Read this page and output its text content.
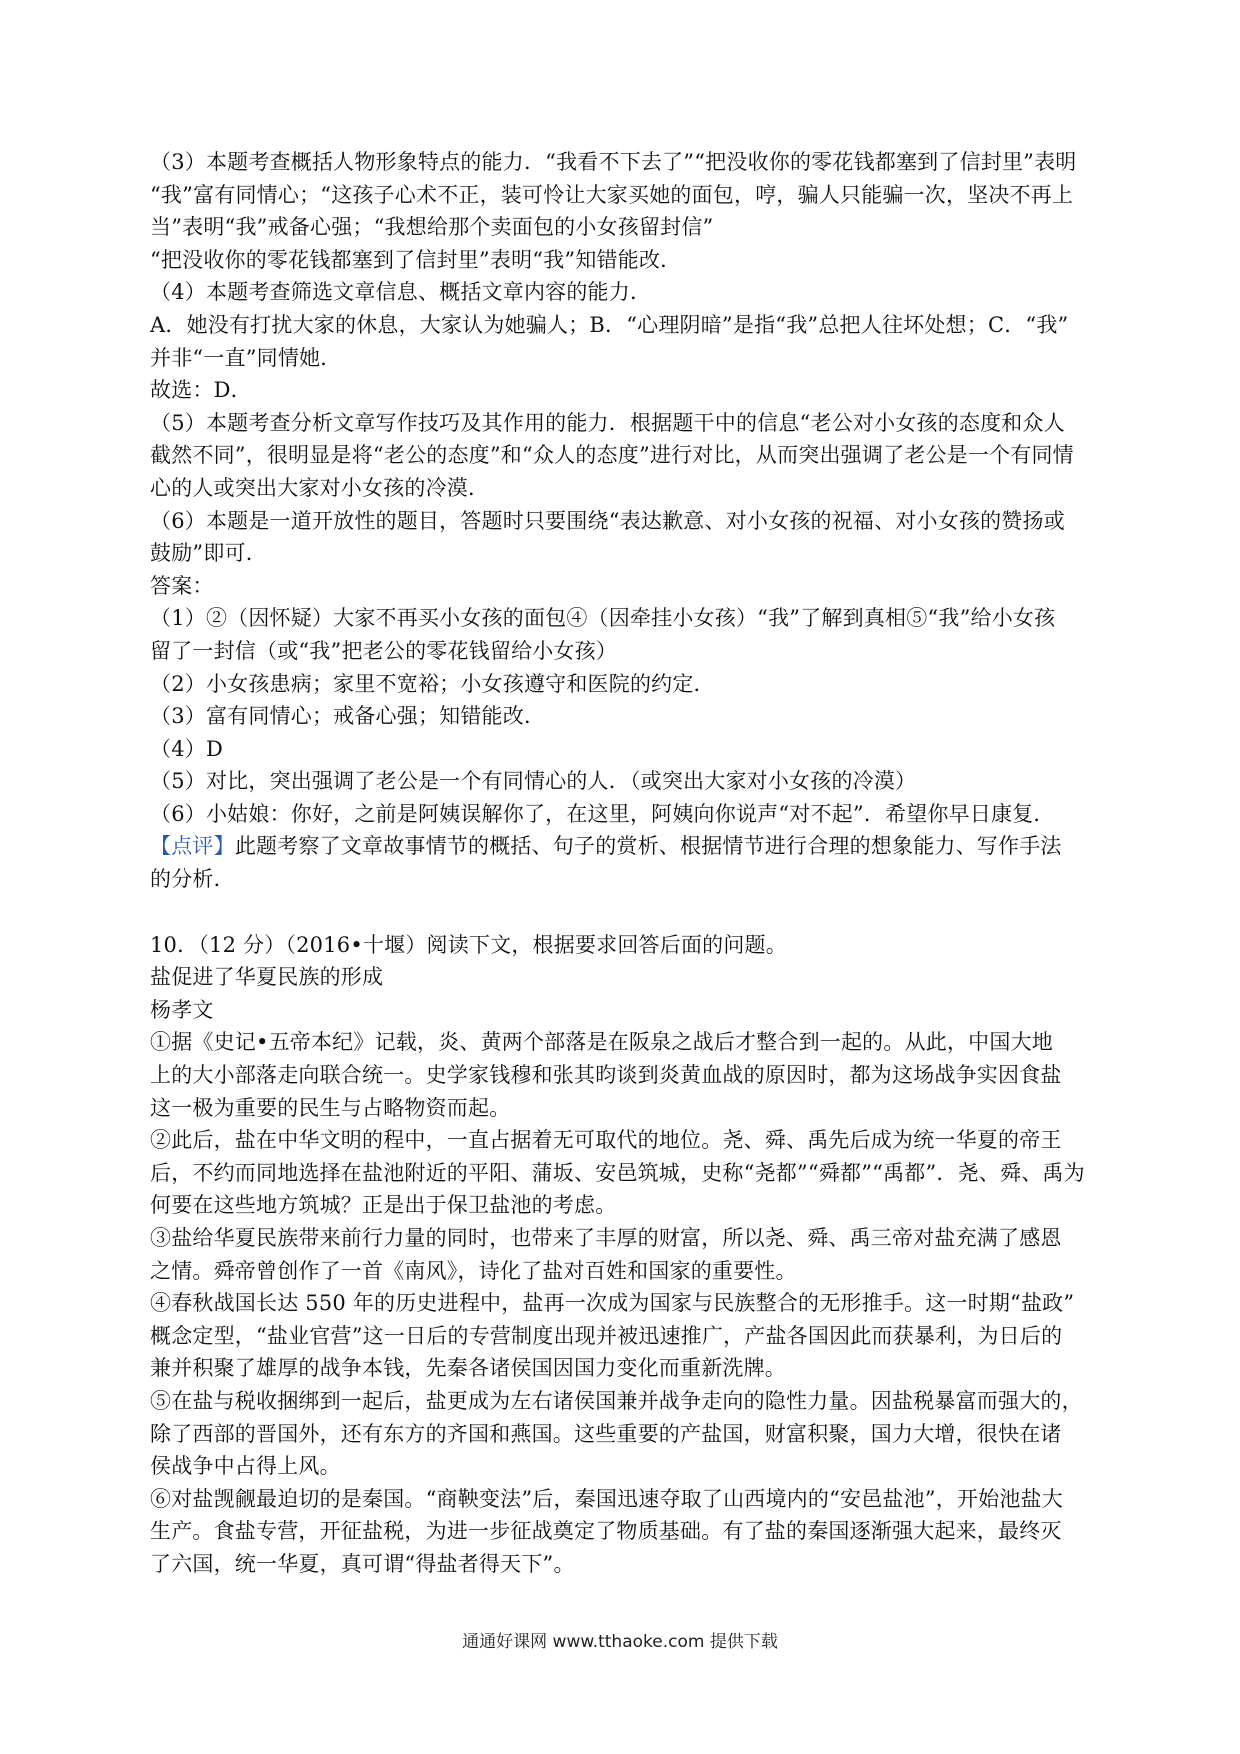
（3）本题考查概括人物形象特点的能力．“我看不下去了”“把没收你的零花钱都塞到了信封里”表明
“我”富有同情心；“这孩子心术不正，装可怜让大家买她的面包，哼，骗人只能骗一次，坚决不再上
当”表明“我”戒备心强；“我想给那个卖面包的小女孩留封信”
“把没收你的零花钱都塞到了信封里”表明“我”知错能改．
（4）本题考查筛选文章信息、概括文章内容的能力．
A．她没有打扰大家的休息，大家认为她骗人；B．“心理阴暗”是指“我”总把人往坏处想；C．“我”
并非“一直”同情她．
故选：D．
（5）本题考查分析文章写作技巧及其作用的能力．根据题干中的信息“老公对小女孩的态度和众人
截然不同”，很明显是将“老公的态度”和“众人的态度”进行对比，从而突出强调了老公是一个有同情
心的人或突出大家对小女孩的冷漠．
（6）本题是一道开放性的题目，答题时只要围绕“表达歉意、对小女孩的祝福、对小女孩的赞扬或
鼓励”即可．
答案：
（1）②（因怀疑）大家不再买小女孩的面包④（因牵挂小女孩）“我”了解到真相⑤“我”给小女孩
留了一封信（或“我”把老公的零花钱留给小女孩）
（2）小女孩患病；家里不宽裕；小女孩遵守和医院的约定．
（3）富有同情心；戒备心强；知错能改．
（4）D
（5）对比，突出强调了老公是一个有同情心的人．（或突出大家对小女孩的冷漠）
（6）小姑娘：你好，之前是阿姨误解你了，在这里，阿姨向你说声“对不起”．希望你早日康复．
【点评】此题考察了文章故事情节的概括、句子的赏析、根据情节进行合理的想象能力、写作手法
的分析．
10．（12 分）（2016•十堰）阅读下文，根据要求回答后面的问题。
盐促进了华夏民族的形成
杨孝文
①据《史记•五帝本纪》记载，炎、黄两个部落是在阪泉之战后才整合到一起的。从此，中国大地
上的大小部落走向联合统一。史学家钱穆和张其昀谈到炎黄血战的原因时，都为这场战争实因食盐
这一极为重要的民生与占略物资而起。
②此后，盐在中华文明的程中，一直占据着无可取代的地位。尧、舜、禹先后成为统一华夏的帝王
后，不约而同地选择在盐池附近的平阳、蒲坂、安邑筑城，史称“尧都”“舜都”“禹都”．尧、舜、禹为
何要在这些地方筑城？正是出于保卫盐池的考虑。
③盐给华夏民族带来前行力量的同时，也带来了丰厚的财富，所以尧、舜、禹三帝对盐充满了感恩
之情。舜帝曾创作了一首《南风》，诗化了盐对百姓和国家的重要性。
④春秋战国长达 550 年的历史进程中，盐再一次成为国家与民族整合的无形推手。这一时期“盐政”
概念定型，“盐业官营”这一日后的专营制度出现并被迅速推广，产盐各国因此而获暴利，为日后的
兼并积聚了雄厚的战争本钱，先秦各诸侯国因国力变化而重新洗牌。
⑤在盐与税收捆绑到一起后，盐更成为左右诸侯国兼并战争走向的隐性力量。因盐税暴富而强大的，
除了西部的晋国外，还有东方的齐国和燕国。这些重要的产盐国，财富积聚，国力大增，很快在诸
侯战争中占得上风。
⑥对盐觊觎最迫切的是秦国。“商鞅变法”后，秦国迅速夺取了山西境内的“安邑盐池”，开始池盐大
生产。食盐专营，开征盐税，为进一步征战奠定了物质基础。有了盐的秦国逐渐强大起来，最终灭
了六国，统一华夏，真可谓“得盐者得天下”。
通通好课网 www.tthaoke.com 提供下载
